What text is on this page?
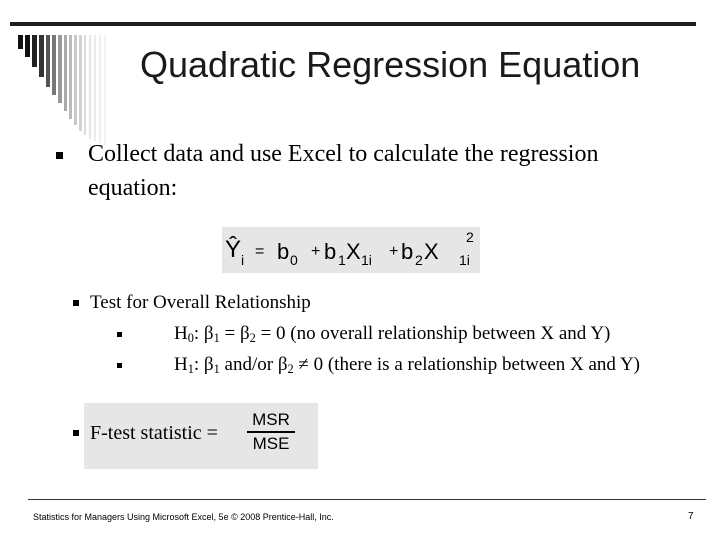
Quadratic Regression Equation
Collect data and use Excel to calculate the regression equation:
Ŷ i = b 0 + b 1 X 1i + b 2 X 1i
2
Test for Overall Relationship
$H_0$: $\beta_1 = \beta_2 = 0$ (no overall relationship between X and Y)
$H_1$: $\beta_1$ and/or $\beta_2 \ne 0$ (there is a relationship between X and Y)
F-test statistic =
MSR
MSE
Statistics for Managers Using Microsoft Excel, 5e © 2008 Prentice-Hall, Inc.	7
